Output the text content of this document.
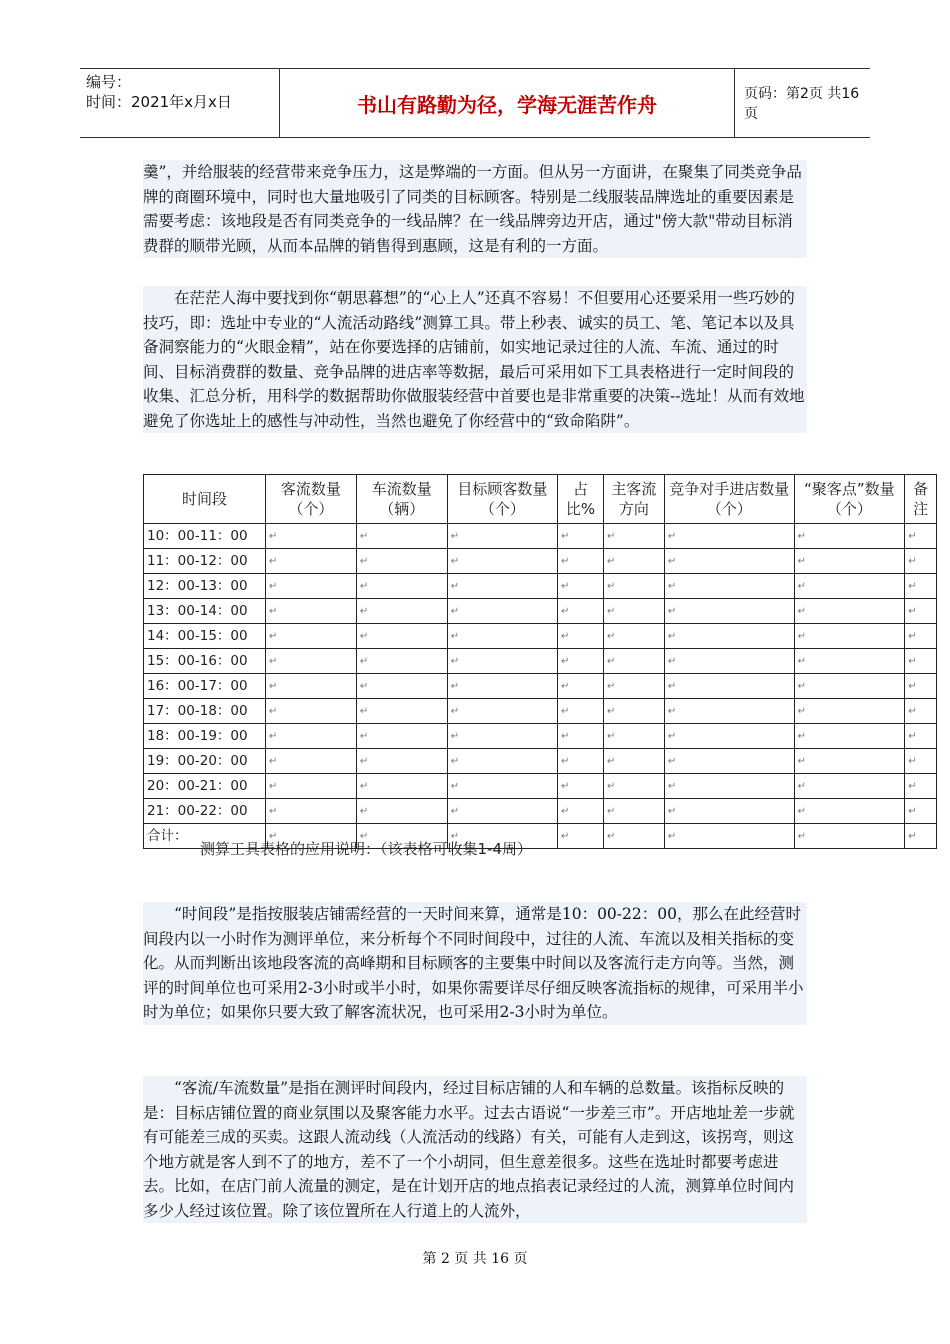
编号：
时间：2021年x月x日	书山有路勤为径，学海无涯苦作舟	页码：第2页 共16页

羹”，并给服装的经营带来竞争压力，这是弊端的一方面。但从另一方面讲，在聚集了同类竞争品牌的商圈环境中，同时也大量地吸引了同类的目标顾客。特别是二线服装品牌选址的重要因素是需要考虑：该地段是否有同类竞争的一线品牌？在一线品牌旁边开店，通过"傍大款"带动目标消费群的顺带光顾，从而本品牌的销售得到惠顾，这是有利的一方面。

在茫茫人海中要找到你“朝思暮想”的“心上人”还真不容易！不但要用心还要采用一些巧妙的技巧，即：选址中专业的“人流活动路线”测算工具。带上秒表、诚实的员工、笔、笔记本以及具备洞察能力的“火眼金精”，站在你要选择的店铺前，如实地记录过往的人流、车流、通过的时间、目标消费群的数量、竞争品牌的进店率等数据，最后可采用如下工具表格进行一定时间段的收集、汇总分析，用科学的数据帮助你做服装经营中首要也是非常重要的决策--选址！从而有效地避免了你选址上的感性与冲动性，当然也避免了你经营中的“致命陷阱”。

时间段	客流数量（个）	车流数量（辆）	目标顾客数量（个）	占比%	主客流方向	竞争对手进店数量（个）	“聚客点”数量（个）	备注
10：00-11：00	↵	↵	↵	↵	↵	↵	↵	↵
11：00-12：00	↵	↵	↵	↵	↵	↵	↵	↵
12：00-13：00	↵	↵	↵	↵	↵	↵	↵	↵
13：00-14：00	↵	↵	↵	↵	↵	↵	↵	↵
14：00-15：00	↵	↵	↵	↵	↵	↵	↵	↵
15：00-16：00	↵	↵	↵	↵	↵	↵	↵	↵
16：00-17：00	↵	↵	↵	↵	↵	↵	↵	↵
17：00-18：00	↵	↵	↵	↵	↵	↵	↵	↵
18：00-19：00	↵	↵	↵	↵	↵	↵	↵	↵
19：00-20：00	↵	↵	↵	↵	↵	↵	↵	↵
20：00-21：00	↵	↵	↵	↵	↵	↵	↵	↵
21：00-22：00	↵	↵	↵	↵	↵	↵	↵	↵
合计：	↵	↵	↵	↵	↵	↵	↵	↵
测算工具表格的应用说明：（该表格可收集1-4周）

“时间段”是指按服装店铺需经营的一天时间来算，通常是10：00-22：00，那么在此经营时间段内以一小时作为测评单位，来分析每个不同时间段中，过往的人流、车流以及相关指标的变化。从而判断出该地段客流的高峰期和目标顾客的主要集中时间以及客流行走方向等。当然，测评的时间单位也可采用2-3小时或半小时，如果你需要详尽仔细反映客流指标的规律，可采用半小时为单位；如果你只要大致了解客流状况，也可采用2-3小时为单位。

“客流/车流数量”是指在测评时间段内，经过目标店铺的人和车辆的总数量。该指标反映的是：目标店铺位置的商业氛围以及聚客能力水平。过去古语说“一步差三市”。开店地址差一步就有可能差三成的买卖。这跟人流动线（人流活动的线路）有关，可能有人走到这，该拐弯，则这个地方就是客人到不了的地方，差不了一个小胡同，但生意差很多。这些在选址时都要考虑进去。比如，在店门前人流量的测定，是在计划开店的地点掐表记录经过的人流，测算单位时间内多少人经过该位置。除了该位置所在人行道上的人流外，

第 2 页 共 16 页
